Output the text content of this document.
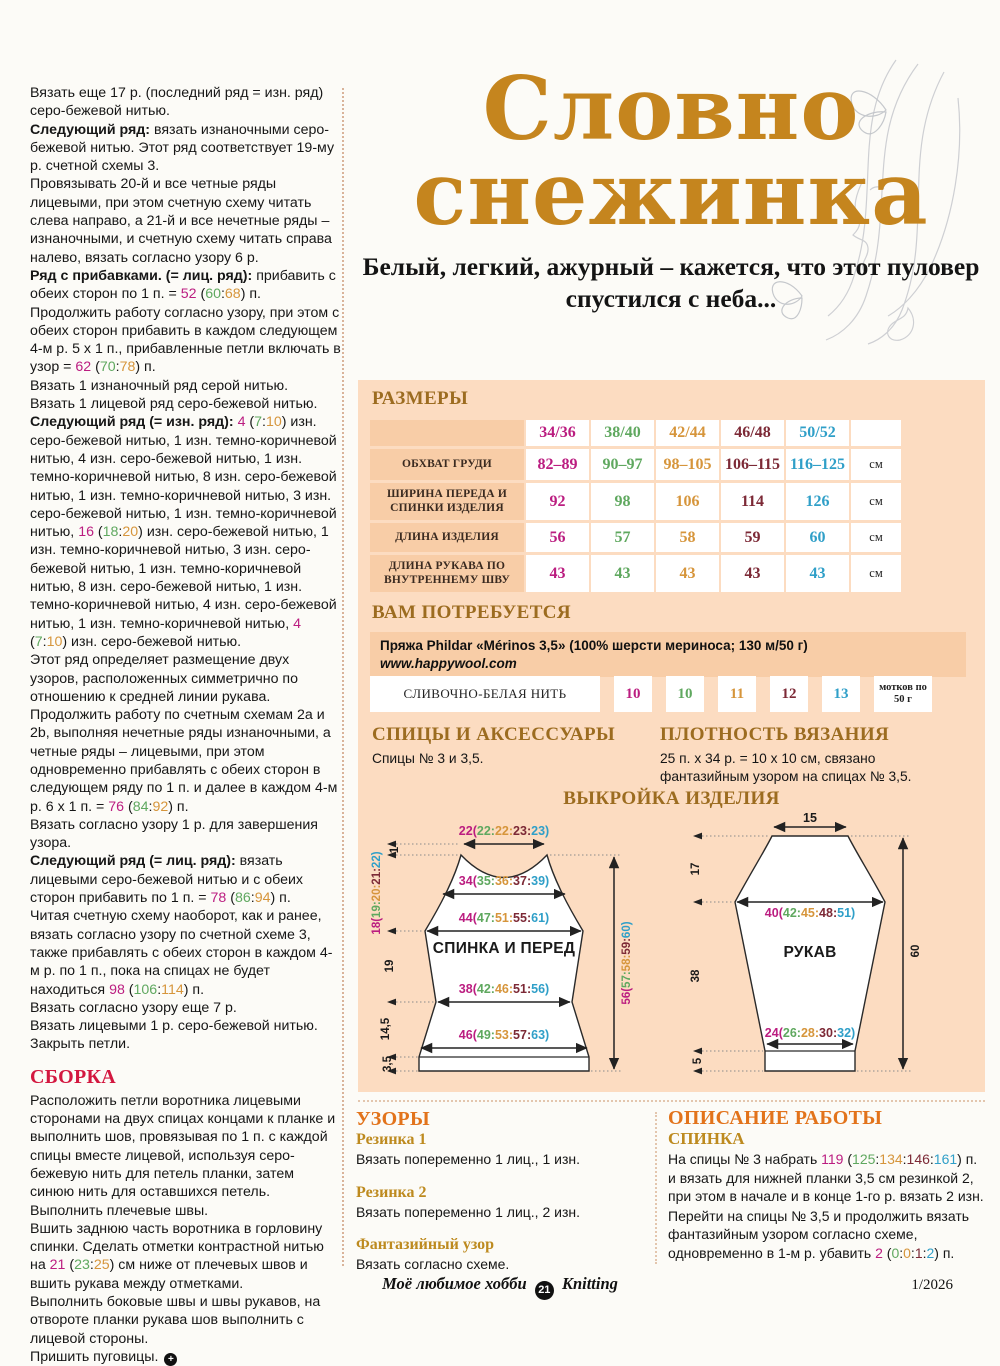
Словно
снежинка
Белый, легкий, ажурный – кажется, что этот пуловер спустился с неба...

Вязать еще 17 р. (последний ряд = изн. ряд) серо-бежевой нитью.

Следующий ряд: вязать изнаночными серо-бежевой нитью. Этот ряд соответствует 19-му р. счетной схемы 3.

Провязывать 20-й и все четные ряды лицевыми, при этом счетную схему читать слева направо, а 21-й и все нечетные ряды – изнаночными, и счетную схему читать справа налево, вязать согласно узору 6 р.

Ряд с прибавками. (= лиц. ряд): прибавить с обеих сторон по 1 п. = 52 (60:68) п.

Продолжить работу согласно узору, при этом с обеих сторон прибавить в каждом следующем 4-м р. 5 х 1 п., прибавленные петли включать в узор = 62 (70:78) п.

Вязать 1 изнаночный ряд серой нитью.

Вязать 1 лицевой ряд серо-бежевой нитью.

Следующий ряд (= изн. ряд): 4 (7:10) изн. серо-бежевой нитью, 1 изн. темно-коричневой нитью, 4 изн. серо-бежевой нитью, 1 изн. темно-коричневой нитью, 8 изн. серо-бежевой нитью, 1 изн. темно-коричневой нитью, 3 изн. серо-бежевой нитью, 1 изн. темно-коричневой нитью, 16 (18:20) изн. серо-бежевой нитью, 1 изн. темно-коричневой нитью, 3 изн. серо-бежевой нитью, 1 изн. темно-коричневой нитью, 8 изн. серо-бежевой нитью, 1 изн. темно-коричневой нитью, 4 изн. серо-бежевой нитью, 1 изн. темно-коричневой нитью, 4 (7:10) изн. серо-бежевой нитью.

Этот ряд определяет размещение двух узоров, расположенных симметрично по отношению к средней линии рукава.

Продолжить работу по счетным схемам 2а и 2b, выполняя нечетные ряды изнаночными, а четные ряды – лицевыми, при этом одновременно прибавлять с обеих сторон в следующем ряду по 1 п. и далее в каждом 4-м р. 6 х 1 п. = 76 (84:92) п.

Вязать согласно узору 1 р. для завершения узора.

Следующий ряд (= лиц. ряд): вязать лицевыми серо-бежевой нитью и с обеих сторон прибавить по 1 п. = 78 (86:94) п.

Читая счетную схему наоборот, как и ранее, вязать согласно узору по счетной схеме 3, также прибавлять с обеих сторон в каждом 4-м р. по 1 п., пока на спицах не будет находиться 98 (106:114) п.

Вязать согласно узору еще 7 р.

Вязать лицевыми 1 р. серо-бежевой нитью.

Закрыть петли.

СБОРКА

Расположить петли воротника лицевыми сторонами на двух спицах концами к планке и выполнить шов, провязывая по 1 п. с каждой спицы вместе лицевой, используя серо-бежевую нить для петель планки, затем синюю нить для оставшихся петель.

Выполнить плечевые швы.

Вшить заднюю часть воротника в горловину спинки. Сделать отметки контрастной нитью на 21 (23:25) см ниже от плечевых швов и вшить рукава между отметками.

Выполнить боковые швы и швы рукавов, на отвороте планки рукава шов выполнить с лицевой стороны.

Пришить пуговицы. +

РАЗМЕРЫ
34/36 38/40 42/44 46/48 50/52
ОБХВАТ ГРУДИ	82–89 90–97 98–105 106–115 116–125	см
ШИРИНА ПЕРЕДА И СПИНКИ ИЗДЕЛИЯ	92	98	106	114	126	см
ДЛИНА ИЗДЕЛИЯ	56	57	58	59	60	см
ДЛИНА РУКАВА ПО ВНУТРЕННЕМУ ШВУ	43	43	43	43	43	см
ВАМ ПОТРЕБУЕТСЯ
Пряжа Phildar «Mérinos 3,5» (100% шерсти мериноса; 130 м/50 г)
www.happywool.com
СЛИВОЧНО-БЕЛАЯ НИТЬ	10 10 11 12 13	мотков по 50 г
СПИЦЫ И АКСЕССУАРЫ
Спицы № 3 и 3,5.
ПЛОТНОСТЬ ВЯЗАНИЯ
25 п. х 34 р. = 10 х 10 см, связано фантазийным узором на спицах № 3,5.
ВЫКРОЙКА ИЗДЕЛИЯ
22(22:22:23:23)
34(35:36:37:39)
44(47:51:55:61)
СПИНКА И ПЕРЕД
38(42:46:51:56)
46(49:53:57:63)
1
18(19:20:21:22)
19
14,5
3,5
56(57:58:59:60)
15
40(42:45:48:51)
РУКАВ
24(26:28:30:32)
17
38
5
60
УЗОРЫ
Резинка 1

Вязать попеременно 1 лиц., 1 изн.

Резинка 2

Вязать попеременно 1 лиц., 2 изн.

Фантазийный узор

Вязать согласно схеме.

ОПИСАНИЕ РАБОТЫ
СПИНКА

На спицы № 3 набрать 119 (125:134:146:161) п. и вязать для нижней планки 3,5 см резинкой 2, при этом в начале и в конце 1-го р. вязать 2 изн.

Перейти на спицы № 3,5 и продолжить вязать фантазийным узором согласно схеме, одновременно в 1-м р. убавить 2 (0:0:1:2) п.

Моё любимое хобби 21 Knitting	1/2026
